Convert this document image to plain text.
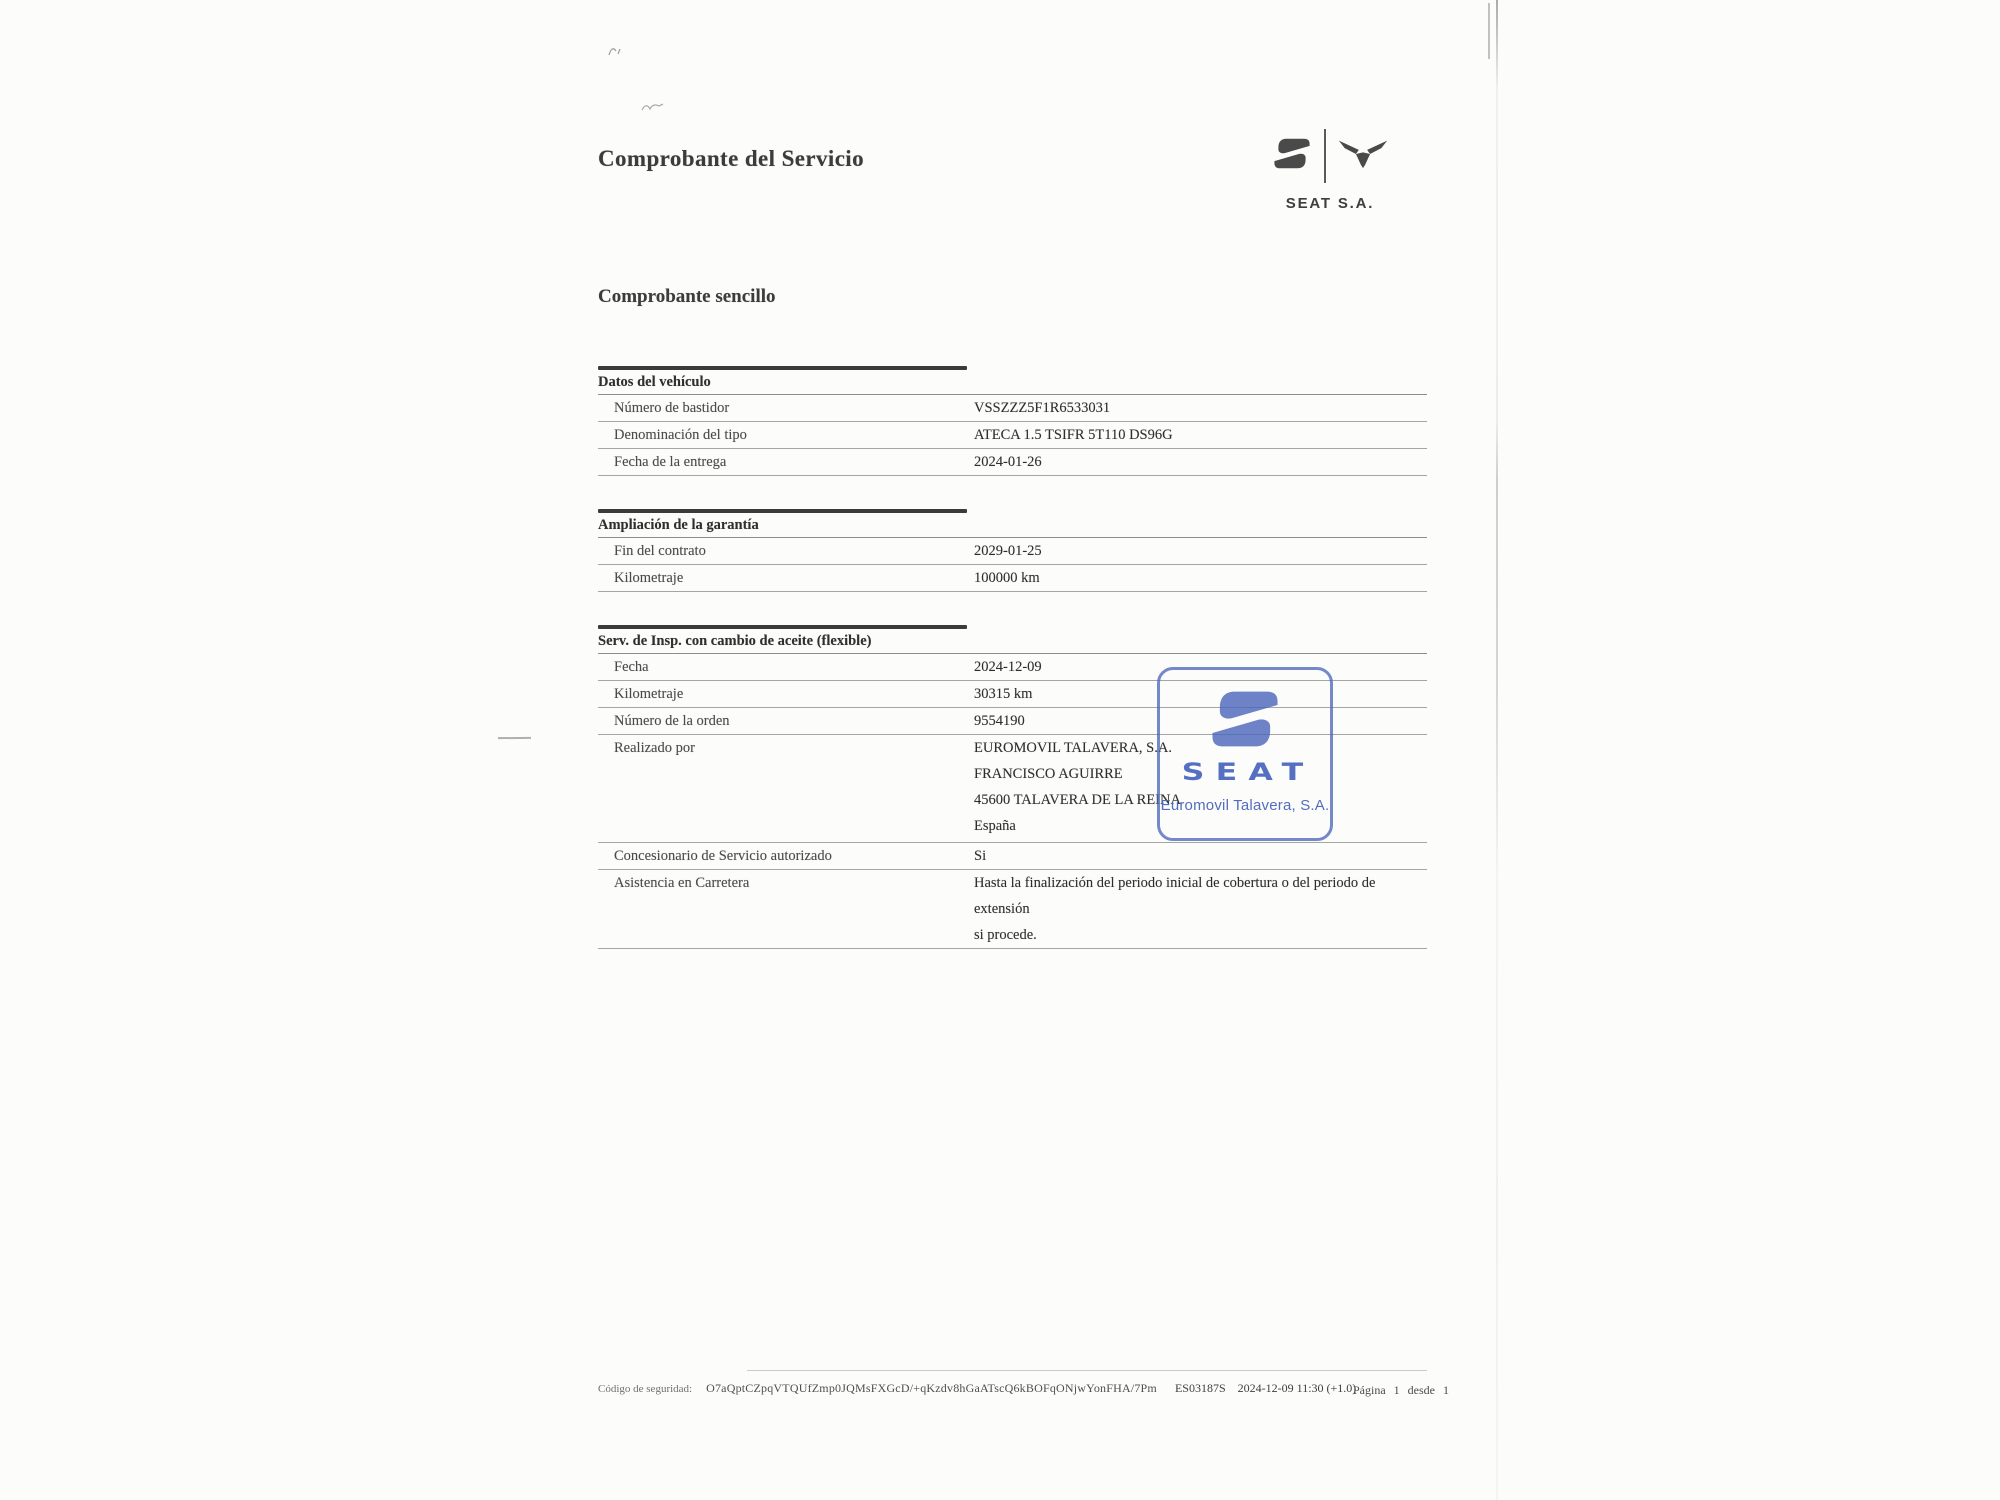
Comprobante del Servicio
SEAT S.A.
Comprobante sencillo
Datos del vehículo
Número de bastidor	VSSZZZ5F1R6533031
Denominación del tipo	ATECA 1.5 TSIFR 5T110 DS96G
Fecha de la entrega	2024-01-26
Ampliación de la garantía
Fin del contrato	2029-01-25
Kilometraje	100000 km
Serv. de Insp. con cambio de aceite (flexible)
Fecha	2024-12-09
Kilometraje	30315 km
Número de la orden	9554190
Realizado por	EUROMOVIL TALAVERA, S.A.
FRANCISCO AGUIRRE
45600 TALAVERA DE LA REINA
España
Concesionario de Servicio autorizado	Si
Asistencia en Carretera	Hasta la finalización del periodo inicial de cobertura o del periodo de extensión
si procede.
SEAT
Euromovil Talavera, S.A.
Código de seguridad: O7aQptCZpqVTQUfZmp0JQMsFXGcD/+qKzdv8hGaATscQ6kBOFqONjwYonFHA/7Pm ES03187S 2024-12-09 11:30 (+1.0)
Página 1 desde 1
